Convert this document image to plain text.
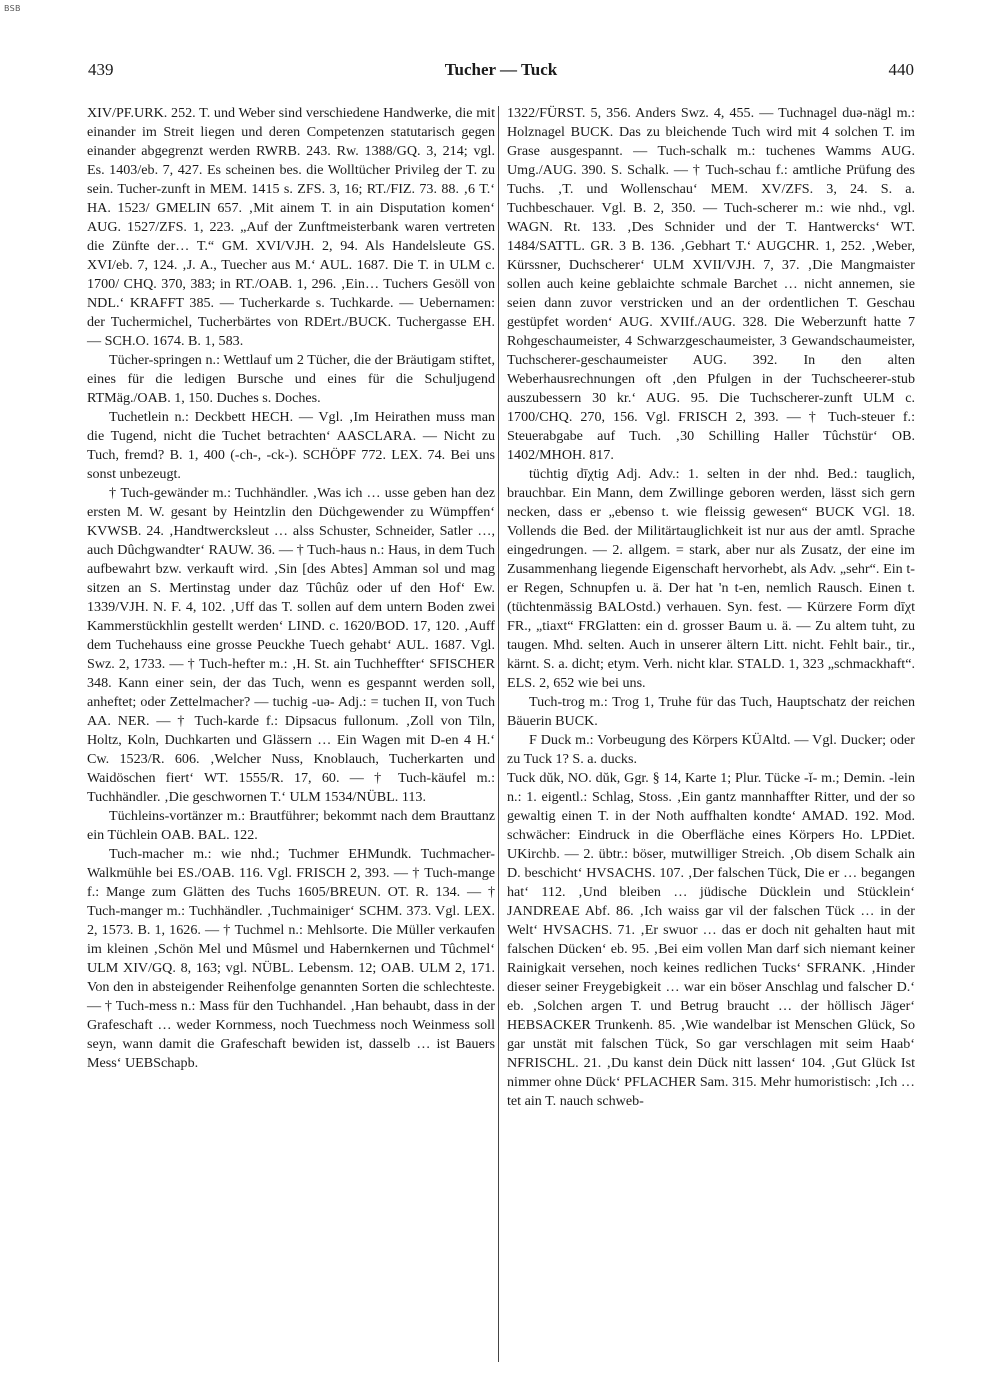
BSB
439	Tucher — Tuck	440

XIV/PF.URK. 252. T. und Weber sind verschiedene Handwerke, die mit einander im Streit liegen und deren Competenzen statutarisch gegen einander abgegrenzt werden RWRB. 243. Rw. 1388/GQ. 3, 214; vgl. Es. 1403/eb. 7, 427. Es scheinen bes. die Wolltücher Privileg der T. zu sein. Tucher-zunft in MEM. 1415 s. ZFS. 3, 16; RT./FIZ. 73. 88. ‚6 T.‘ HA. 1523/ GMELIN 657. ‚Mit ainem T. in ain Disputation komen‘ AUG. 1527/ZFS. 1, 223. „Auf der Zunftmeisterbank waren vertreten die Zünfte der… T.“ GM. XVI/VJH. 2, 94. Als Handelsleute GS. XVI/eb. 7, 124. ‚J. A., Tuecher aus M.‘ AUL. 1687. Die T. in ULM c. 1700/ CHQ. 370, 383; in RT./OAB. 1, 296. ‚Ein… Tuchers Gesöll von NDL.‘ KRAFFT 385. — Tucherkarde s. Tuchkarde. — Uebernamen: der Tuchermichel, Tucherbärtes von RDErt./BUCK. Tuchergasse EH. — SCH.O. 1674. B. 1, 583.

Tücher-springen n.: Wettlauf um 2 Tücher, die der Bräutigam stiftet, eines für die ledigen Bursche und eines für die Schuljugend RTMäg./OAB. 1, 150. Duches s. Doches.

Tuchetlein n.: Deckbett HECH. — Vgl. ‚Im Heirathen muss man die Tugend, nicht die Tuchet betrachten‘ AASCLARA. — Nicht zu Tuch, fremd? B. 1, 400 (-ch-, -ck-). SCHÖPF 772. LEX. 74. Bei uns sonst unbezeugt.

† Tuch-gewänder m.: Tuchhändler. ‚Was ich … usse geben han dez ersten M. W. gesant by Heintzlin den Düchgewender zu Wümpffen‘ KVWSB. 24. ‚Handtwercksleut … alss Schuster, Schneider, Satler …, auch Dûchgwandter‘ RAUW. 36. — † Tuch-haus n.: Haus, in dem Tuch aufbewahrt bzw. verkauft wird. ‚Sin [des Abtes] Amman sol und mag sitzen an S. Mertinstag under daz Tûchûz oder uf den Hof‘ Ew. 1339/VJH. N. F. 4, 102. ‚Uff das T. sollen auf dem untern Boden zwei Kammerstückhlin gestellt werden‘ LIND. c. 1620/BOD. 17, 120. ‚Auff dem Tuchehauss eine grosse Peuckhe Tuech gehabt‘ AUL. 1687. Vgl. Swz. 2, 1733. — † Tuch-hefter m.: ‚H. St. ain Tuchheffter‘ SFISCHER 348. Kann einer sein, der das Tuch, wenn es gespannt werden soll, anheftet; oder Zettelmacher? — tuchig -uə- Adj.: = tuchen II, von Tuch AA. NER. — † Tuch-karde f.: Dipsacus fullonum. ‚Zoll von Tiln, Holtz, Koln, Duchkarten und Glässern … Ein Wagen mit D-en 4 H.‘ Cw. 1523/R. 606. ‚Welcher Nuss, Knoblauch, Tucherkarten und Waidöschen fiert‘ WT. 1555/R. 17, 60. — † Tuch-käufel m.: Tuchhändler. ‚Die geschwornen T.‘ ULM 1534/NÜBL. 113.

Tüchleins-vortänzer m.: Brautführer; bekommt nach dem Brauttanz ein Tüchlein OAB. BAL. 122.

Tuch-macher m.: wie nhd.; Tuchmer EHMundk. Tuchmacher-Walkmühle bei ES./OAB. 116. Vgl. FRISCH 2, 393. — † Tuch-mange f.: Mange zum Glätten des Tuchs 1605/BREUN. OT. R. 134. — † Tuch-manger m.: Tuchhändler. ‚Tuchmainiger‘ SCHM. 373. Vgl. LEX. 2, 1573. B. 1, 1626. — † Tuchmel n.: Mehlsorte. Die Müller verkaufen im kleinen ‚Schön Mel und Mûsmel und Habernkernen und Tûchmel‘ ULM XIV/GQ. 8, 163; vgl. NÜBL. Lebensm. 12; OAB. ULM 2, 171. Von den in absteigender Reihenfolge genannten Sorten die schlechteste. — † Tuch-mess n.: Mass für den Tuchhandel. ‚Han behaubt, dass in der Grafeschaft … weder Kornmess, noch Tuechmess noch Weinmess soll seyn, wann damit die Grafeschaft bewiden ist, dasselb … ist Bauers Mess‘ UEBSchapb.

1322/FÜRST. 5, 356. Anders Swz. 4, 455. — Tuchnagel duə-nägl m.: Holznagel BUCK. Das zu bleichende Tuch wird mit 4 solchen T. im Grase ausgespannt. — Tuch-schalk m.: tuchenes Wamms AUG. Umg./AUG. 390. S. Schalk. — † Tuch-schau f.: amtliche Prüfung des Tuchs. ‚T. und Wollenschau‘ MEM. XV/ZFS. 3, 24. S. a. Tuchbeschauer. Vgl. B. 2, 350. — Tuch-scherer m.: wie nhd., vgl. WAGN. Rt. 133. ‚Des Schnider und der T. Hantwercks‘ WT. 1484/SATTL. GR. 3 B. 136. ‚Gebhart T.‘ AUGCHR. 1, 252. ‚Weber, Kürssner, Duchscherer‘ ULM XVII/VJH. 7, 37. ‚Die Mangmaister sollen auch keine geblaichte schmale Barchet … nicht annemen, sie seien dann zuvor verstricken und an der ordentlichen T. Geschau gestüpfet worden‘ AUG. XVIIf./AUG. 328. Die Weberzunft hatte 7 Rohgeschaumeister, 4 Schwarzgeschaumeister, 3 Gewandschaumeister, Tuchscherer-geschaumeister AUG. 392. In den alten Weberhausrechnungen oft ‚den Pfulgen in der Tuchscheerer-stub auszubessern 30 kr.‘ AUG. 95. Die Tuchscherer-zunft ULM c. 1700/CHQ. 270, 156. Vgl. FRISCH 2, 393. — † Tuch-steuer f.: Steuerabgabe auf Tuch. ‚30 Schilling Haller Tûchstür‘ OB. 1402/MHOH. 817.

tüchtig dīχtig Adj. Adv.: 1. selten in der nhd. Bed.: tauglich, brauchbar. Ein Mann, dem Zwillinge geboren werden, lässt sich gern necken, dass er „ebenso t. wie fleissig gewesen“ BUCK VGl. 18. Vollends die Bed. der Militärtauglichkeit ist nur aus der amtl. Sprache eingedrungen. — 2. allgem. = stark, aber nur als Zusatz, der eine im Zusammenhang liegende Eigenschaft hervorhebt, als Adv. „sehr“. Ein t-er Regen, Schnupfen u. ä. Der hat 'n t-en, nemlich Rausch. Einen t. (tüchtenmässig BALOstd.) verhauen. Syn. fest. — Kürzere Form dīχt FR., „tiaxt“ FRGlatten: ein d. grosser Baum u. ä. — Zu altem tuht, zu taugen. Mhd. selten. Auch in unserer ältern Litt. nicht. Fehlt bair., tir., kärnt. S. a. dicht; etym. Verh. nicht klar. STALD. 1, 323 „schmackhaft“. ELS. 2, 652 wie bei uns.

Tuch-trog m.: Trog 1, Truhe für das Tuch, Hauptschatz der reichen Bäuerin BUCK.

F Duck m.: Vorbeugung des Körpers KÜAltd. — Vgl. Ducker; oder zu Tuck 1? S. a. ducks.

Tuck dŭk, NO. dŭk, Ggr. § 14, Karte 1; Plur. Tücke -ĭ- m.; Demin. -lein n.: 1. eigentl.: Schlag, Stoss. ‚Ein gantz mannhaffter Ritter, und der so gewaltig einen T. in der Noth auffhalten kondte‘ AMAD. 192. Mod. schwächer: Eindruck in die Oberfläche eines Körpers Ho. LPDiet. UKirchb. — 2. übtr.: böser, mutwilliger Streich. ‚Ob disem Schalk ain D. beschicht‘ HVSACHS. 107. ‚Der falschen Tück, Die er … begangen hat‘ 112. ‚Und bleiben … jüdische Dücklein und Stücklein‘ JANDREAE Abf. 86. ‚Ich waiss gar vil der falschen Tück … in der Welt‘ HVSACHS. 71. ‚Er swuor … das er doch nit gehalten haut mit falschen Dücken‘ eb. 95. ‚Bei eim vollen Man darf sich niemant keiner Rainigkait versehen, noch keines redlichen Tucks‘ SFRANK. ‚Hinder dieser seiner Freygebigkeit … war ein böser Anschlag und falscher D.‘ eb. ‚Solchen argen T. und Betrug braucht … der höllisch Jäger‘ HEBSACKER Trunkenh. 85. ‚Wie wandelbar ist Menschen Glück, So gar unstät mit falschen Tück, So gar verschlagen mit seim Haab‘ NFRISCHL. 21. ‚Du kanst dein Dück nitt lassen‘ 104. ‚Gut Glück Ist nimmer ohne Dück‘ PFLACHER Sam. 315. Mehr humoristisch: ‚Ich … tet ain T. nauch schweb-
